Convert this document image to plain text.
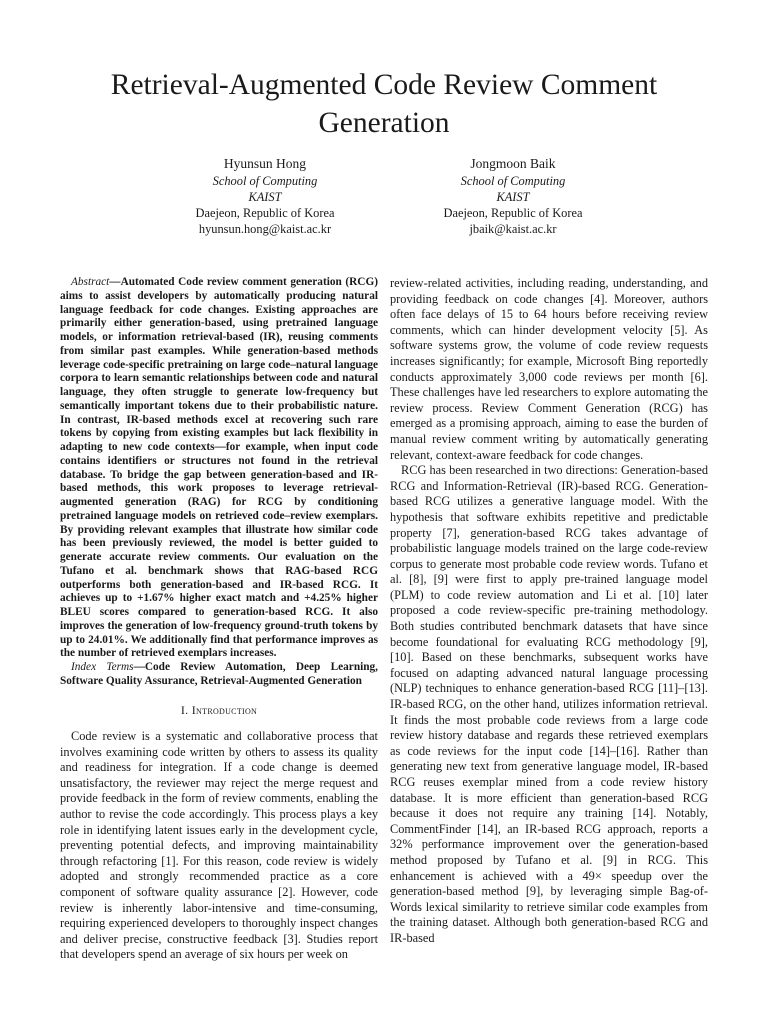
Retrieval-Augmented Code Review Comment Generation
Hyunsun Hong
School of Computing
KAIST
Daejeon, Republic of Korea
hyunsun.hong@kaist.ac.kr
Jongmoon Baik
School of Computing
KAIST
Daejeon, Republic of Korea
jbaik@kaist.ac.kr

Abstract—Automated Code review comment generation (RCG) aims to assist developers by automatically producing natural language feedback for code changes. Existing approaches are primarily either generation-based, using pretrained language models, or information retrieval-based (IR), reusing comments from similar past examples. While generation-based methods leverage code-specific pretraining on large code–natural language corpora to learn semantic relationships between code and natural language, they often struggle to generate low-frequency but semantically important tokens due to their probabilistic nature. In contrast, IR-based methods excel at recovering such rare tokens by copying from existing examples but lack flexibility in adapting to new code contexts—for example, when input code contains identifiers or structures not found in the retrieval database. To bridge the gap between generation-based and IR-based methods, this work proposes to leverage retrieval-augmented generation (RAG) for RCG by conditioning pretrained language models on retrieved code–review exemplars. By providing relevant examples that illustrate how similar code has been previously reviewed, the model is better guided to generate accurate review comments. Our evaluation on the Tufano et al. benchmark shows that RAG-based RCG outperforms both generation-based and IR-based RCG. It achieves up to +1.67% higher exact match and +4.25% higher BLEU scores compared to generation-based RCG. It also improves the generation of low-frequency ground-truth tokens by up to 24.01%. We additionally find that performance improves as the number of retrieved exemplars increases.

Index Terms—Code Review Automation, Deep Learning, Software Quality Assurance, Retrieval-Augmented Generation

I. Introduction

Code review is a systematic and collaborative process that involves examining code written by others to assess its quality and readiness for integration. If a code change is deemed unsatisfactory, the reviewer may reject the merge request and provide feedback in the form of review comments, enabling the author to revise the code accordingly. This process plays a key role in identifying latent issues early in the development cycle, preventing potential defects, and improving maintainability through refactoring [1]. For this reason, code review is widely adopted and strongly recommended practice as a core component of software quality assurance [2]. However, code review is inherently labor-intensive and time-consuming, requiring experienced developers to thoroughly inspect changes and deliver precise, constructive feedback [3]. Studies report that developers spend an average of six hours per week on

review-related activities, including reading, understanding, and providing feedback on code changes [4]. Moreover, authors often face delays of 15 to 64 hours before receiving review comments, which can hinder development velocity [5]. As software systems grow, the volume of code review requests increases significantly; for example, Microsoft Bing reportedly conducts approximately 3,000 code reviews per month [6]. These challenges have led researchers to explore automating the review process. Review Comment Generation (RCG) has emerged as a promising approach, aiming to ease the burden of manual review comment writing by automatically generating relevant, context-aware feedback for code changes.

RCG has been researched in two directions: Generation-based RCG and Information-Retrieval (IR)-based RCG. Generation-based RCG utilizes a generative language model. With the hypothesis that software exhibits repetitive and predictable property [7], generation-based RCG takes advantage of probabilistic language models trained on the large code-review corpus to generate most probable code review words. Tufano et al. [8], [9] were first to apply pre-trained language model (PLM) to code review automation and Li et al. [10] later proposed a code review-specific pre-training methodology. Both studies contributed benchmark datasets that have since become foundational for evaluating RCG methodology [9], [10]. Based on these benchmarks, subsequent works have focused on adapting advanced natural language processing (NLP) techniques to enhance generation-based RCG [11]–[13]. IR-based RCG, on the other hand, utilizes information retrieval. It finds the most probable code reviews from a large code review history database and regards these retrieved exemplars as code reviews for the input code [14]–[16]. Rather than generating new text from generative language model, IR-based RCG reuses exemplar mined from a code review history database. It is more efficient than generation-based RCG because it does not require any training [14]. Notably, CommentFinder [14], an IR-based RCG approach, reports a 32% performance improvement over the generation-based method proposed by Tufano et al. [9] in RCG. This enhancement is achieved with a 49× speedup over the generation-based method [9], by leveraging simple Bag-of-Words lexical similarity to retrieve similar code examples from the training dataset. Although both generation-based RCG and IR-based
